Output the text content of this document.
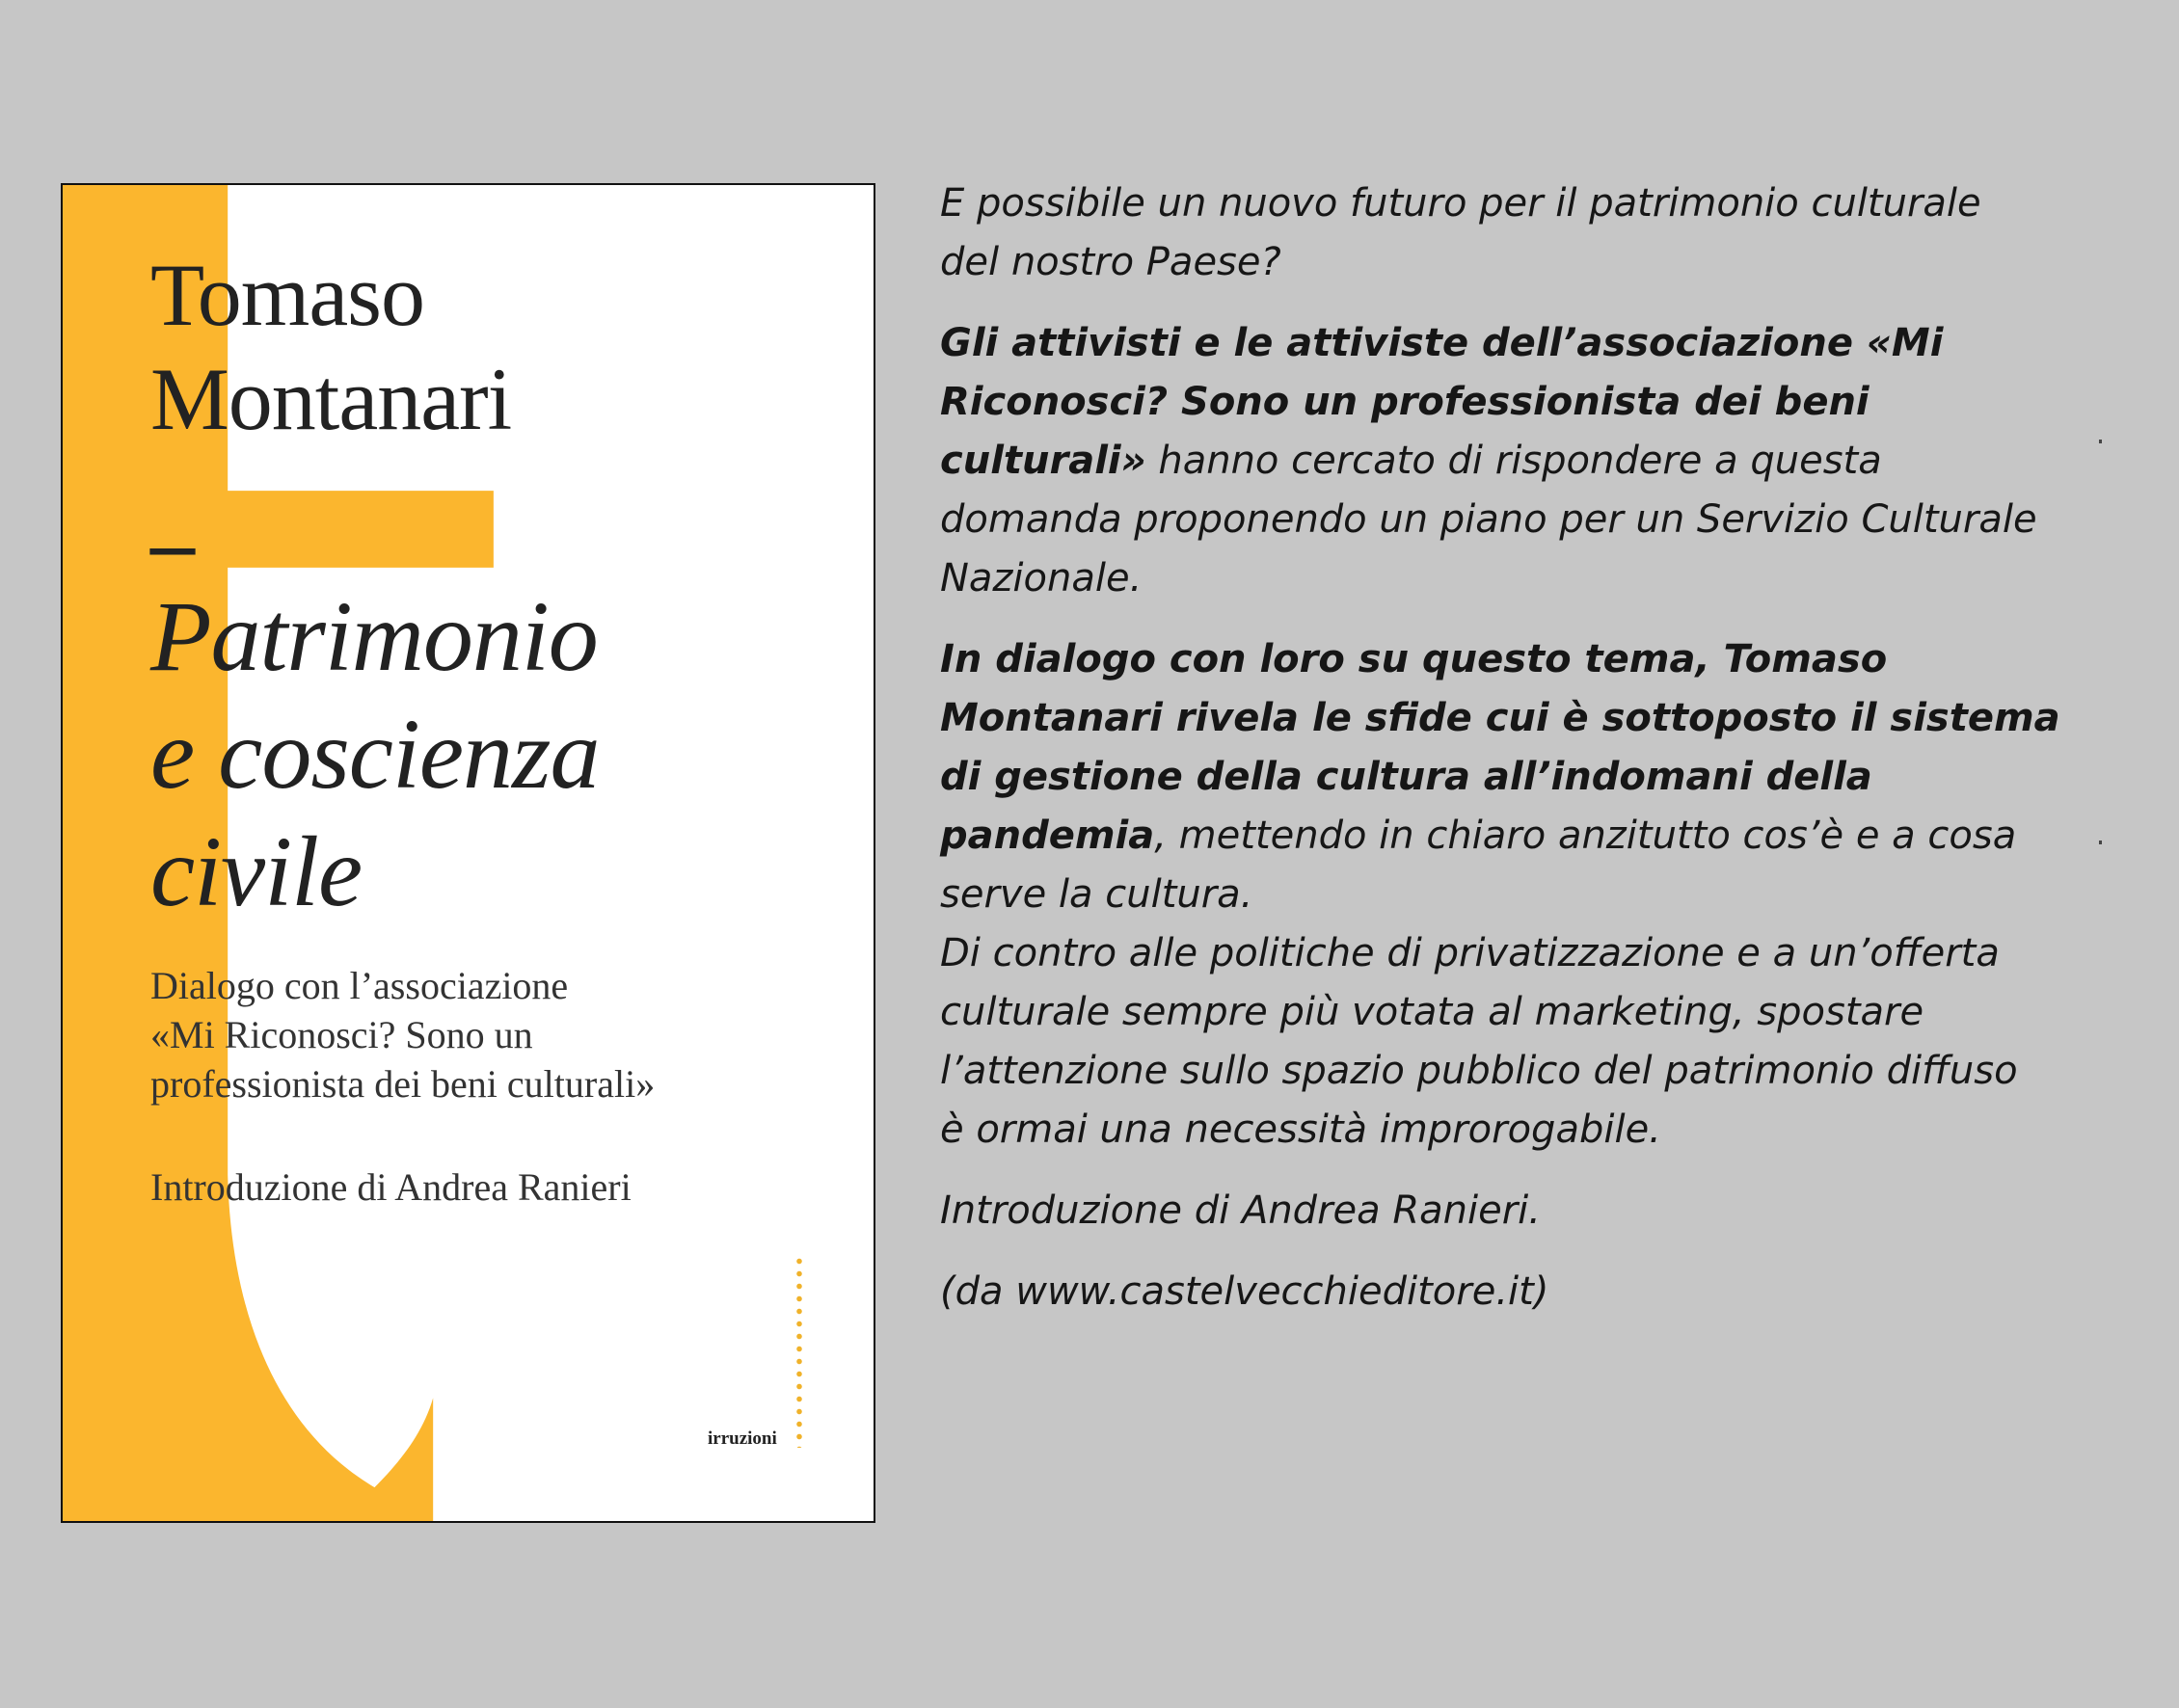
Tomaso
Montanari
–
Patrimonio
e coscienza
civile
Dialogo con l’associazione
«Mi Riconosci? Sono un
professionista dei beni culturali»
Introduzione di Andrea Ranieri
irruzioni

E possibile un nuovo futuro per il patrimonio culturale
del nostro Paese?

Gli attivisti e le attiviste dell’associazione «Mi
Riconosci? Sono un professionista dei beni
culturali» hanno cercato di rispondere a questa
domanda proponendo un piano per un Servizio Culturale
Nazionale.

In dialogo con loro su questo tema, Tomaso
Montanari rivela le sfide cui è sottoposto il sistema
di gestione della cultura all’indomani della
pandemia, mettendo in chiaro anzitutto cos’è e a cosa
serve la cultura.

Di contro alle politiche di privatizzazione e a un’offerta
culturale sempre più votata al marketing, spostare
l’attenzione sullo spazio pubblico del patrimonio diffuso
è ormai una necessità improrogabile.

Introduzione di Andrea Ranieri.

(da www.castelvecchieditore.it)
